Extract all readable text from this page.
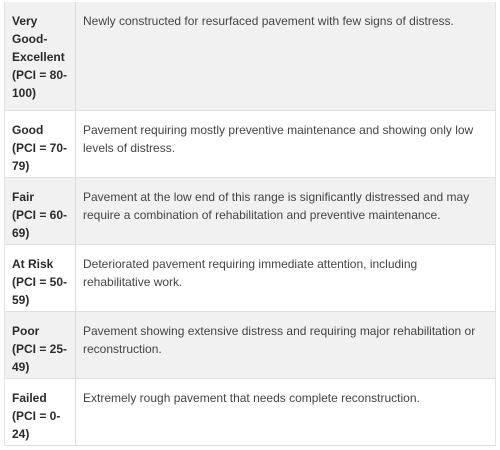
Very
Good-
Excellent
(PCI = 80-
100)
Newly constructed for resurfaced pavement with few signs of distress.
Good
(PCI = 70-
79)
Pavement requiring mostly preventive maintenance and showing only low levels of distress.
Fair
(PCI = 60-
69)
Pavement at the low end of this range is significantly distressed and may require a combination of rehabilitation and preventive maintenance.
At Risk
(PCI = 50-
59)
Deteriorated pavement requiring immediate attention, including rehabilitative work.
Poor
(PCI = 25-
49)
Pavement showing extensive distress and requiring major rehabilitation or reconstruction.
Failed
(PCI = 0-
24)
Extremely rough pavement that needs complete reconstruction.
